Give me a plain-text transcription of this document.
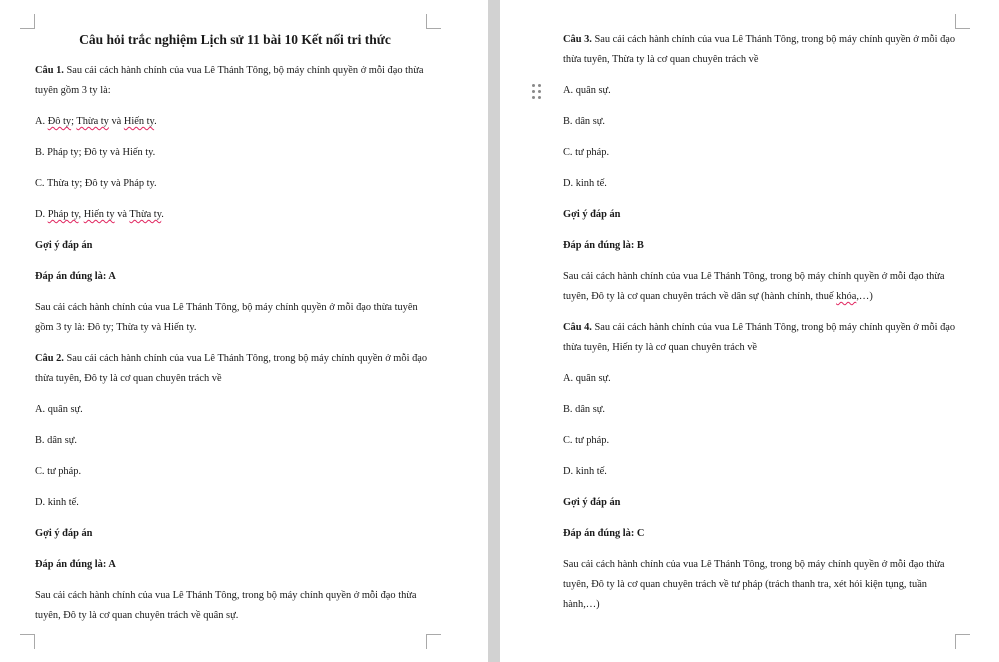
Câu hỏi trắc nghiệm Lịch sử 11 bài 10 Kết nối tri thức

Câu 1. Sau cải cách hành chính của vua Lê Thánh Tông, bộ máy chính quyền ở mỗi đạo thừa tuyên gồm 3 ty là:

A. Đô ty; Thừa ty và Hiến ty.

B. Pháp ty; Đô ty và Hiến ty.

C. Thừa ty; Đô ty và Pháp ty.

D. Pháp ty, Hiến ty và Thừa ty.

Gợi ý đáp án

Đáp án đúng là: A

Sau cải cách hành chính của vua Lê Thánh Tông, bộ máy chính quyền ở mỗi đạo thừa tuyên gồm 3 ty là: Đô ty; Thừa ty và Hiến ty.

Câu 2. Sau cải cách hành chính của vua Lê Thánh Tông, trong bộ máy chính quyền ở mỗi đạo thừa tuyên, Đô ty là cơ quan chuyên trách về

A. quân sự.

B. dân sự.

C. tư pháp.

D. kinh tế.

Gợi ý đáp án

Đáp án đúng là: A

Sau cải cách hành chính của vua Lê Thánh Tông, trong bộ máy chính quyền ở mỗi đạo thừa tuyên, Đô ty là cơ quan chuyên trách về quân sự.

Câu 3. Sau cải cách hành chính của vua Lê Thánh Tông, trong bộ máy chính quyền ở mỗi đạo thừa tuyên, Thừa ty là cơ quan chuyên trách về

A. quân sự.

B. dân sự.

C. tư pháp.

D. kinh tế.

Gợi ý đáp án

Đáp án đúng là: B

Sau cải cách hành chính của vua Lê Thánh Tông, trong bộ máy chính quyền ở mỗi đạo thừa tuyên, Đô ty là cơ quan chuyên trách về dân sự (hành chính, thuế khóa,…)

Câu 4. Sau cải cách hành chính của vua Lê Thánh Tông, trong bộ máy chính quyền ở mỗi đạo thừa tuyên, Hiến ty là cơ quan chuyên trách về

A. quân sự.

B. dân sự.

C. tư pháp.

D. kinh tế.

Gợi ý đáp án

Đáp án đúng là: C

Sau cải cách hành chính của vua Lê Thánh Tông, trong bộ máy chính quyền ở mỗi đạo thừa tuyên, Đô ty là cơ quan chuyên trách về tư pháp (trách thanh tra, xét hỏi kiện tụng, tuần hành,…)
